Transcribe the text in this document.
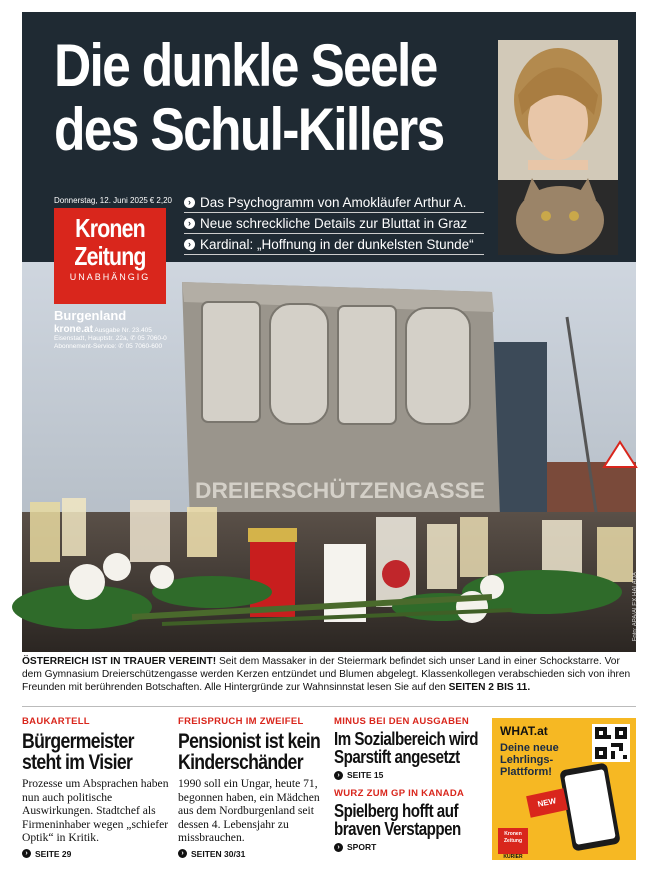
DREIERSCHÜTZENGASSE
Die dunkle Seele
des Schul-Killers
Donnerstag, 12. Juni 2025 € 2,20	› Das Psychogramm von Amokläufer Arthur A.
› Neue schreckliche Details zur Bluttat in Graz
› Kardinal: „Hoffnung in der dunkelsten Stunde“
Kronen
Zeitung
UNABHÄNGIG
Burgenland
krone.at Ausgabe Nr. 23.405
Eisenstadt, Hauptstr. 22a, ✆ 05 7060-0
Abonnement-Service: ✆ 05 7060-600
Foto: APA/ALEX HALADA
ÖSTERREICH IST IN TRAUER VEREINT! Seit dem Massaker in der Steiermark befindet sich unser Land in einer Schockstarre. Vor dem Gymnasium Dreierschützengasse werden Kerzen entzündet und Blumen abgelegt. Klassenkollegen verabschieden sich von ihren Freunden mit berührenden Botschaften. Alle Hintergründe zur Wahnsinnstat lesen Sie auf den SEITEN 2 BIS 11.
BAUKARTELL
Bürgermeister
steht im Visier
Prozesse um Absprachen haben nun auch politische Auswirkungen. Stadtchef als Firmeninhaber wegen „schiefer Optik“ in Kritik.
› SEITE 29
FREISPRUCH IM ZWEIFEL
Pensionist ist kein
Kinderschänder
1990 soll ein Ungar, heute 71, begonnen haben, ein Mädchen aus dem Nordburgenland seit dessen 4. Lebensjahr zu missbrauchen.
› SEITEN 30/31
MINUS BEI DEN AUSGABEN
Im Sozialbereich wird
Sparstift angesetzt
› SEITE 15
WURZ ZUM GP IN KANADA
Spielberg hofft auf
braven Verstappen
› SPORT
WHAT.at
Deine neue Lehrlings-Plattform!
NEW
Kronen Zeitung
KURIER
